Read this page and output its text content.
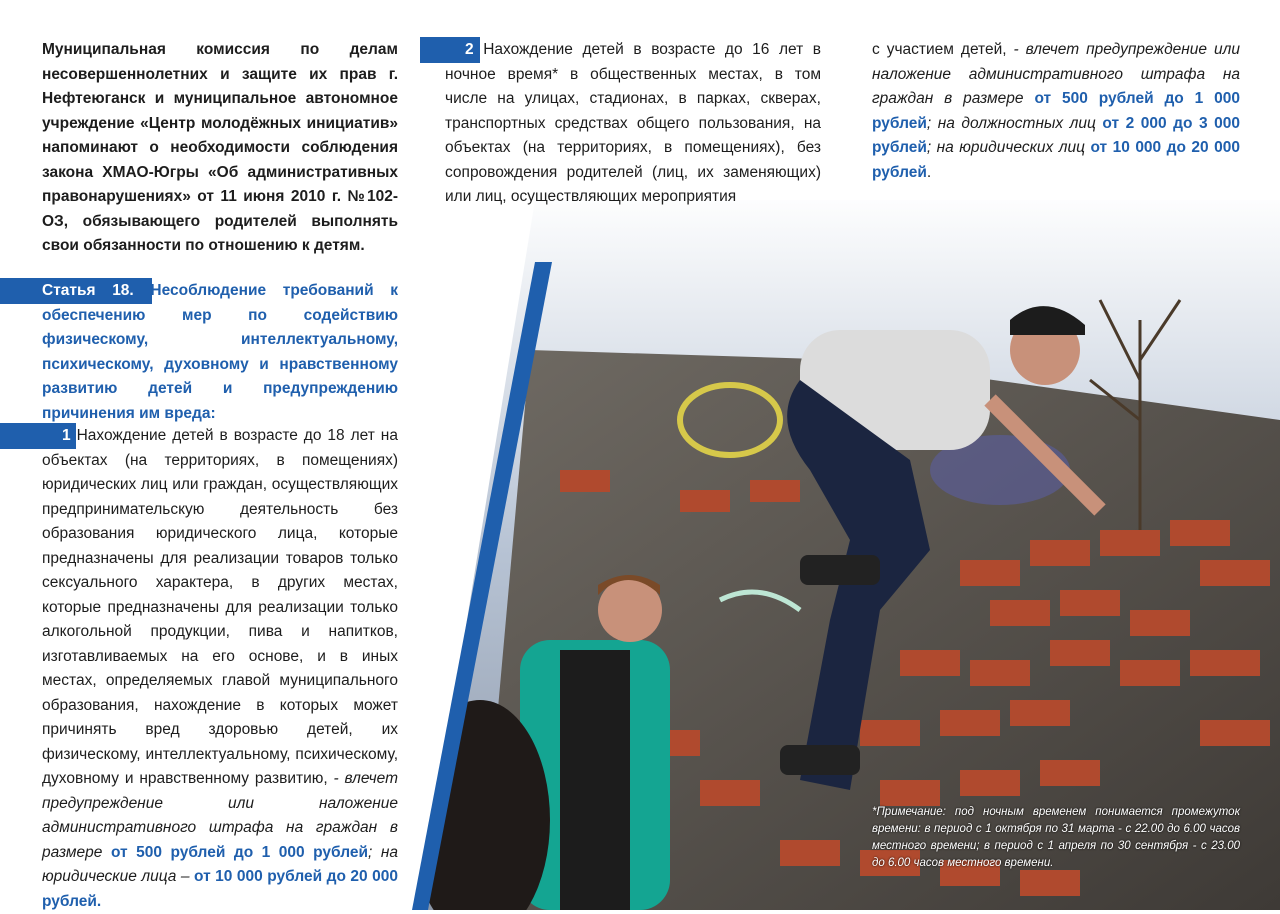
Муниципальная комиссия по делам несовершеннолетних и защите их прав г. Нефтеюганск и муниципальное автономное учреждение «Центр молодёжных инициатив» напоминают о необходимости соблюдения закона ХМАО-Югры «Об административных правонарушениях» от 11 июня 2010 г. №102-ОЗ, обязывающего родителей выполнять свои обязанности по отношению к детям.
Статья 18. Несоблюдение требований к обеспечению мер по содействию физическому, интеллектуальному, психическому, духовному и нравственному развитию детей и предупреждению причинения им вреда:
1 Нахождение детей в возрасте до 18 лет на объектах (на территориях, в помещениях) юридических лиц или граждан, осуществляющих предпринимательскую деятельность без образования юридического лица, которые предназначены для реализации товаров только сексуального характера, в других местах, которые предназначены для реализации только алкогольной продукции, пива и напитков, изготавливаемых на его основе, и в иных местах, определяемых главой муниципального образования, нахождение в которых может причинять вред здоровью детей, их физическому, интеллектуальному, психическому, духовному и нравственному развитию, - влечет предупреждение или наложение административного штрафа на граждан в размере от 500 рублей до 1 000 рублей; на юридические лица – от 10 000 рублей до 20 000 рублей.
2 Нахождение детей в возрасте до 16 лет в ночное время* в общественных местах, в том числе на улицах, стадионах, в парках, скверах, транспортных средствах общего пользования, на объектах (на территориях, в помещениях), без сопровождения родителей (лиц, их заменяющих) или лиц, осуществляющих мероприятия
с участием детей, - влечет предупреждение или наложение административного штрафа на граждан в размере от 500 рублей до 1 000 рублей; на должностных лиц от 2 000 до 3 000 рублей; на юридических лиц от 10 000 до 20 000 рублей.
*Примечание: под ночным временем понимается промежуток времени: в период с 1 октября по 31 марта - с 22.00 до 6.00 часов местного времени; в период с 1 апреля по 30 сентября - с 23.00 до 6.00 часов местного времени.
